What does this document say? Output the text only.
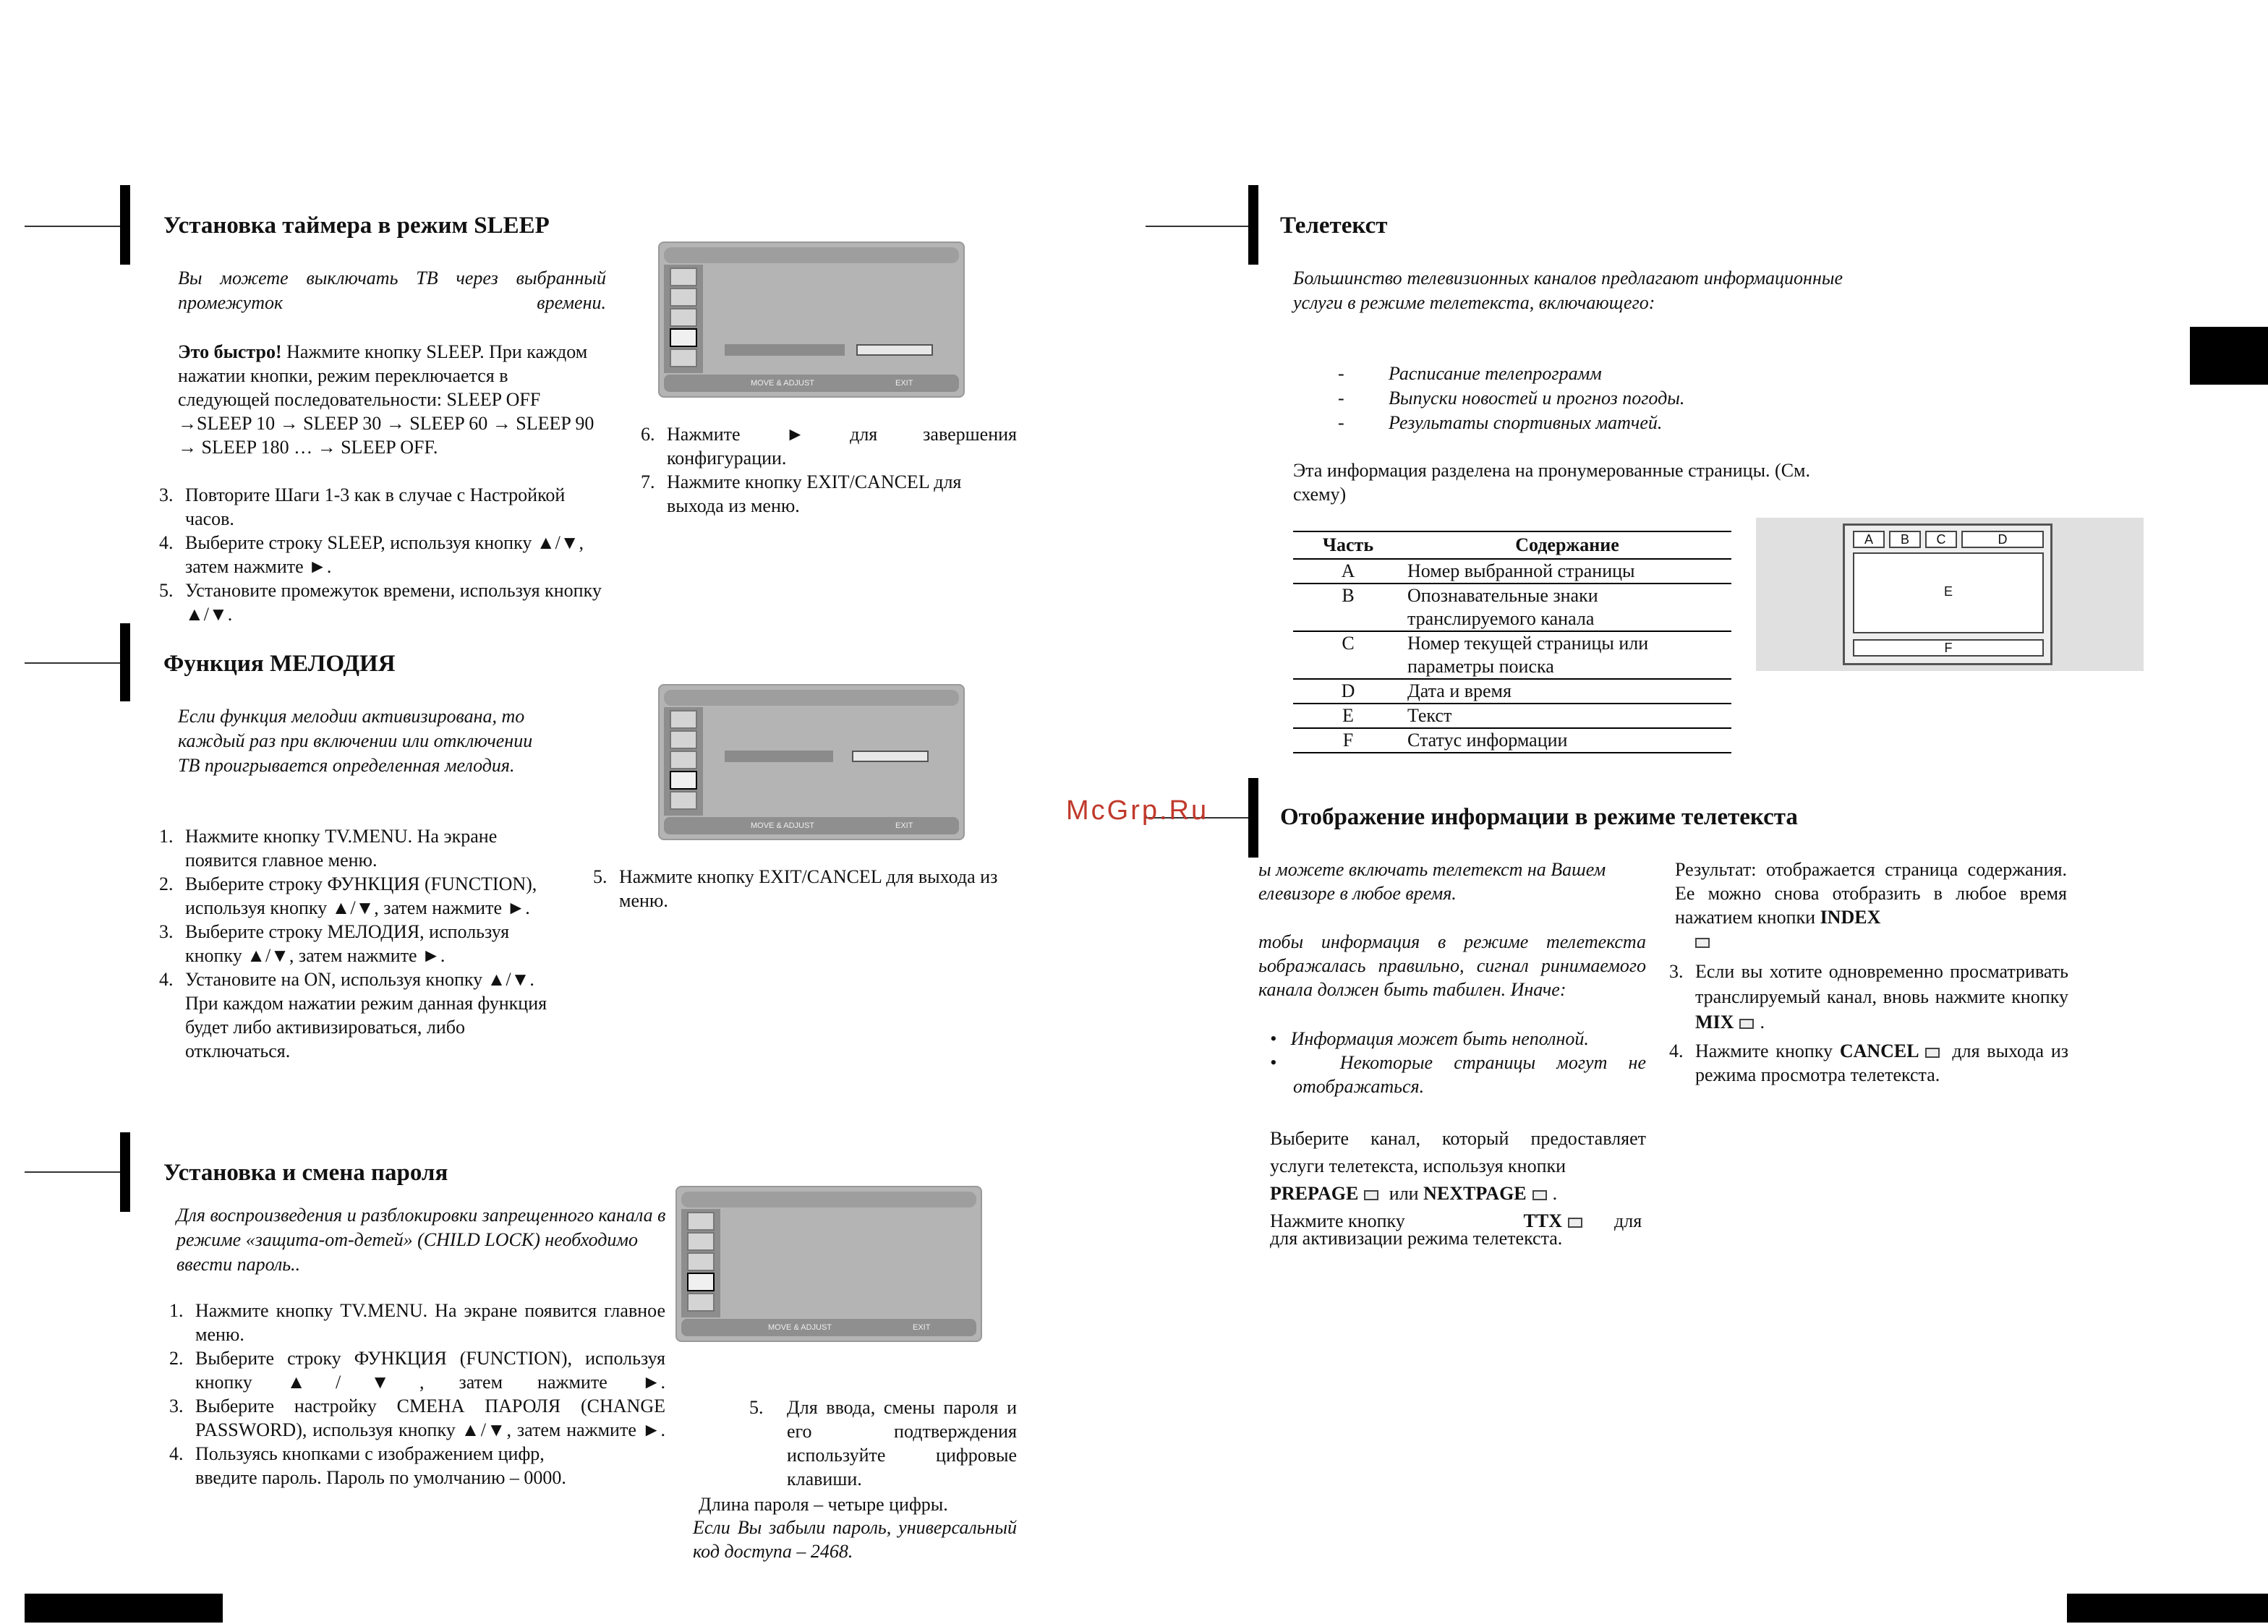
Установка таймера в режим SLEEP
Вы можете выключать ТВ через выбранный промежуток времени.
Это быстро! Нажмите кнопку SLEEP. При каждом нажатии кнопки, режим переключается в следующей последовательности: SLEEP OFF →SLEEP 10 → SLEEP 30 → SLEEP 60 → SLEEP 90 → SLEEP 180 … → SLEEP OFF.
3. Повторите Шаги 1-3 как в случае с Настройкой часов.
4. Выберите строку SLEEP, используя кнопку ▲/▼, затем нажмите ►.
5. Установите промежуток времени, используя кнопку ▲/▼.
MOVE & ADJUST	EXIT
6. Нажмите ► для завершения конфигурации.
7. Нажмите кнопку EXIT/CANCEL для выхода из меню.
Функция МЕЛОДИЯ
Если функция мелодии активизирована, то каждый раз при включении или отключении ТВ проигрывается определенная мелодия.
1. Нажмите кнопку TV.MENU. На экране появится главное меню.
2. Выберите строку ФУНКЦИЯ (FUNCTION), используя кнопку ▲/▼, затем нажмите ►.
3. Выберите строку МЕЛОДИЯ, используя кнопку ▲/▼, затем нажмите ►.
4. Установите на ON, используя кнопку ▲/▼.
При каждом нажатии режим данная функция будет либо активизироваться, либо отключаться.
MOVE & ADJUST	EXIT
5. Нажмите кнопку EXIT/CANCEL для выхода из меню.
Установка и смена пароля
Для воспроизведения и разблокировки запрещенного канала в режиме «защита-от-детей» (CHILD LOCK) необходимо ввести пароль..
1. Нажмите кнопку TV.MENU. На экране появится главное меню.
2. Выберите строку ФУНКЦИЯ (FUNCTION), используя кнопку ▲/▼, затем нажмите ►.
3. Выберите настройку СМЕНА ПАРОЛЯ (CHANGE PASSWORD), используя кнопку ▲/▼, затем нажмите ►.
4. Пользуясь кнопками с изображением цифр, введите пароль. Пароль по умолчанию – 0000.
MOVE & ADJUST	EXIT
5.	Для ввода, смены пароля и его подтверждения используйте цифровые клавиши.
Длина пароля – четыре цифры.
Если Вы забыли пароль, универсальный код доступа – 2468.
Телетекст
Большинство телевизионных каналов предлагают информационные услуги в режиме телетекста, включающего:
- Расписание телепрограмм
- Выпуски новостей и прогноз погоды.
- Результаты спортивных матчей.
Эта информация разделена на пронумерованные страницы. (См. схему)
Часть	Содержание
A	Номер выбранной страницы
B	Опознавательные знаки транслируемого канала
C	Номер текущей страницы или параметры поиска
D	Дата и время
E	Текст
F	Статус информации
A	B	C	D
E
F
Отображение информации в режиме телетекста
ы можете включать телетекст на Вашем елевизоре в любое время.
тобы информация в режиме телетекста ьображалась правильно, сигнал ринимаемого канала должен быть табилен. Иначе:
•   Информация может быть неполной.
•   Некоторые страницы могут не отображаться.
Выберите канал, который предоставляет услуги телетекста, используя кнопки
PREPAGE или NEXTPAGE .
Нажмите кнопку	TTX	для
для активизации режима телетекста.
Результат: отображается страница содержания. Ее можно снова отобразить в любое время нажатием кнопки INDEX

3. Если вы хотите одновременно просматривать транслируемый канал, вновь нажмите кнопку MIX .
4. Нажмите кнопку CANCEL для выхода из режима просмотра телетекста.
McGrp.Ru
